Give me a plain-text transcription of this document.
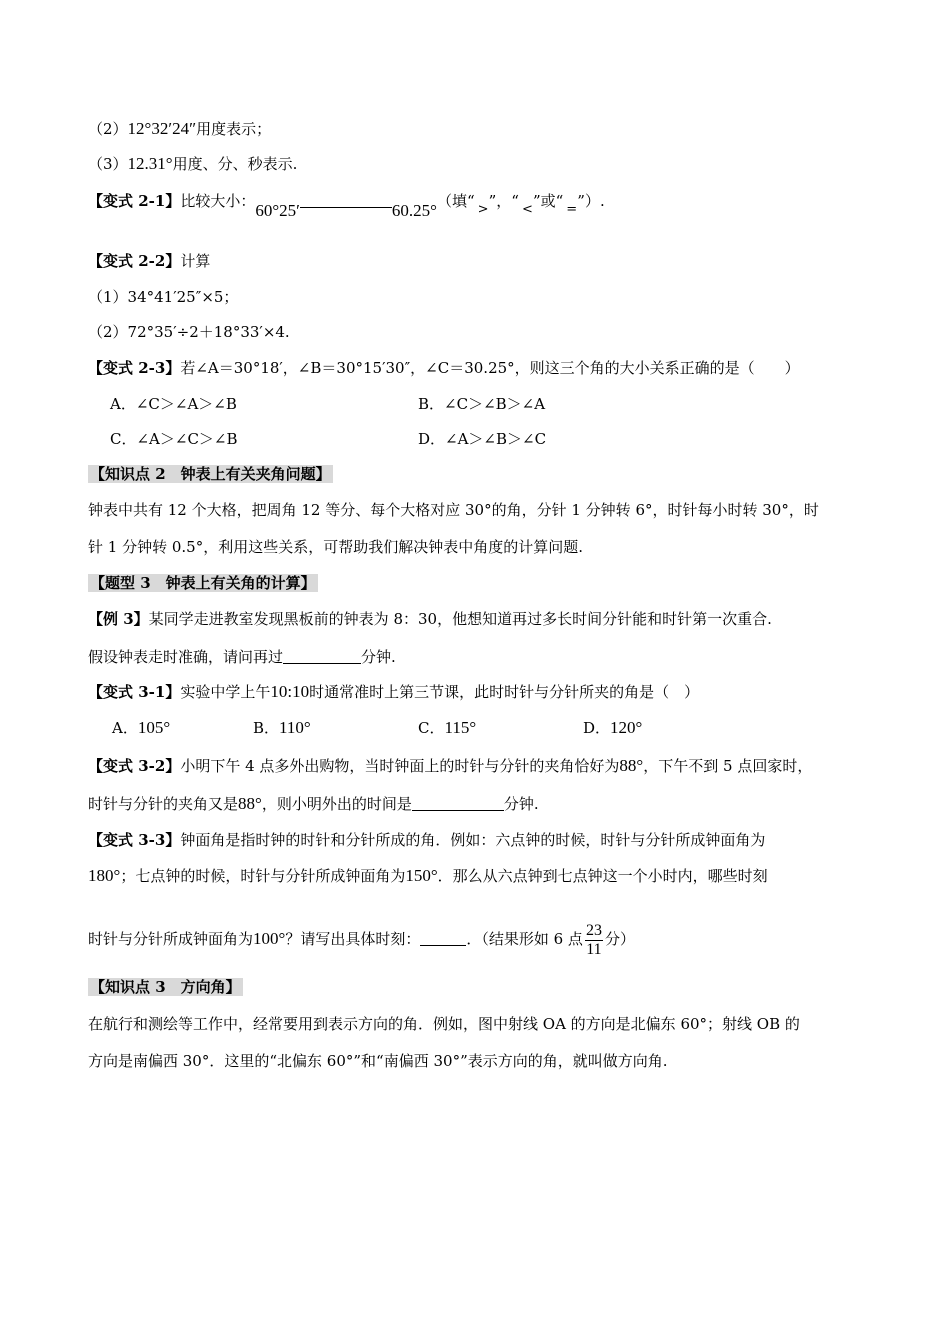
（2）12°32′24″用度表示；
（3）12.31°用度、分、秒表示.
【变式 2-1】比较大小：60°25′	60.25°（填“ > ”，“ < ”或“ = ”）.
【变式 2-2】计算
（1）34°41′25″×5；
（2）72°35′÷2＋18°33′×4.
【变式 2-3】若∠A＝30°18′，∠B＝30°15′30″，∠C＝30.25°，则这三个角的大小关系正确的是（　　）
A．∠C＞∠A＞∠B	B．∠C＞∠B＞∠A
C．∠A＞∠C＞∠B	D．∠A＞∠B＞∠C
【知识点 2　钟表上有关夹角问题】
钟表中共有 12 个大格，把周角 12 等分、每个大格对应 30°的角，分针 1 分钟转 6°，时针每小时转 30°，时
针 1 分钟转 0.5°，利用这些关系，可帮助我们解决钟表中角度的计算问题.
【题型 3　钟表上有关角的计算】
【例 3】某同学走进教室发现黑板前的钟表为 8：30，他想知道再过多长时间分针能和时针第一次重合.
假设钟表走时准确，请问再过	分钟.
【变式 3-1】实验中学上午10:10时通常准时上第三节课，此时时针与分针所夹的角是（　）
A．105°	B．110°	C．115°	D．120°
【变式 3-2】小明下午 4 点多外出购物，当时钟面上的时针与分针的夹角恰好为88°，下午不到 5 点回家时，
时针与分针的夹角又是88°，则小明外出的时间是	分钟.
【变式 3-3】钟面角是指时钟的时针和分针所成的角．例如：六点钟的时候，时针与分针所成钟面角为
180°；七点钟的时候，时针与分针所成钟面角为150°．那么从六点钟到七点钟这一个小时内，哪些时刻
时针与分针所成钟面角为100°？请写出具体时刻：	．（结果形如 6 点 $\frac{23}{11}$ 分）
【知识点 3　方向角】
在航行和测绘等工作中，经常要用到表示方向的角．例如，图中射线 OA 的方向是北偏东 60°；射线 OB 的
方向是南偏西 30°．这里的“北偏东 60°”和“南偏西 30°”表示方向的角，就叫做方向角.
